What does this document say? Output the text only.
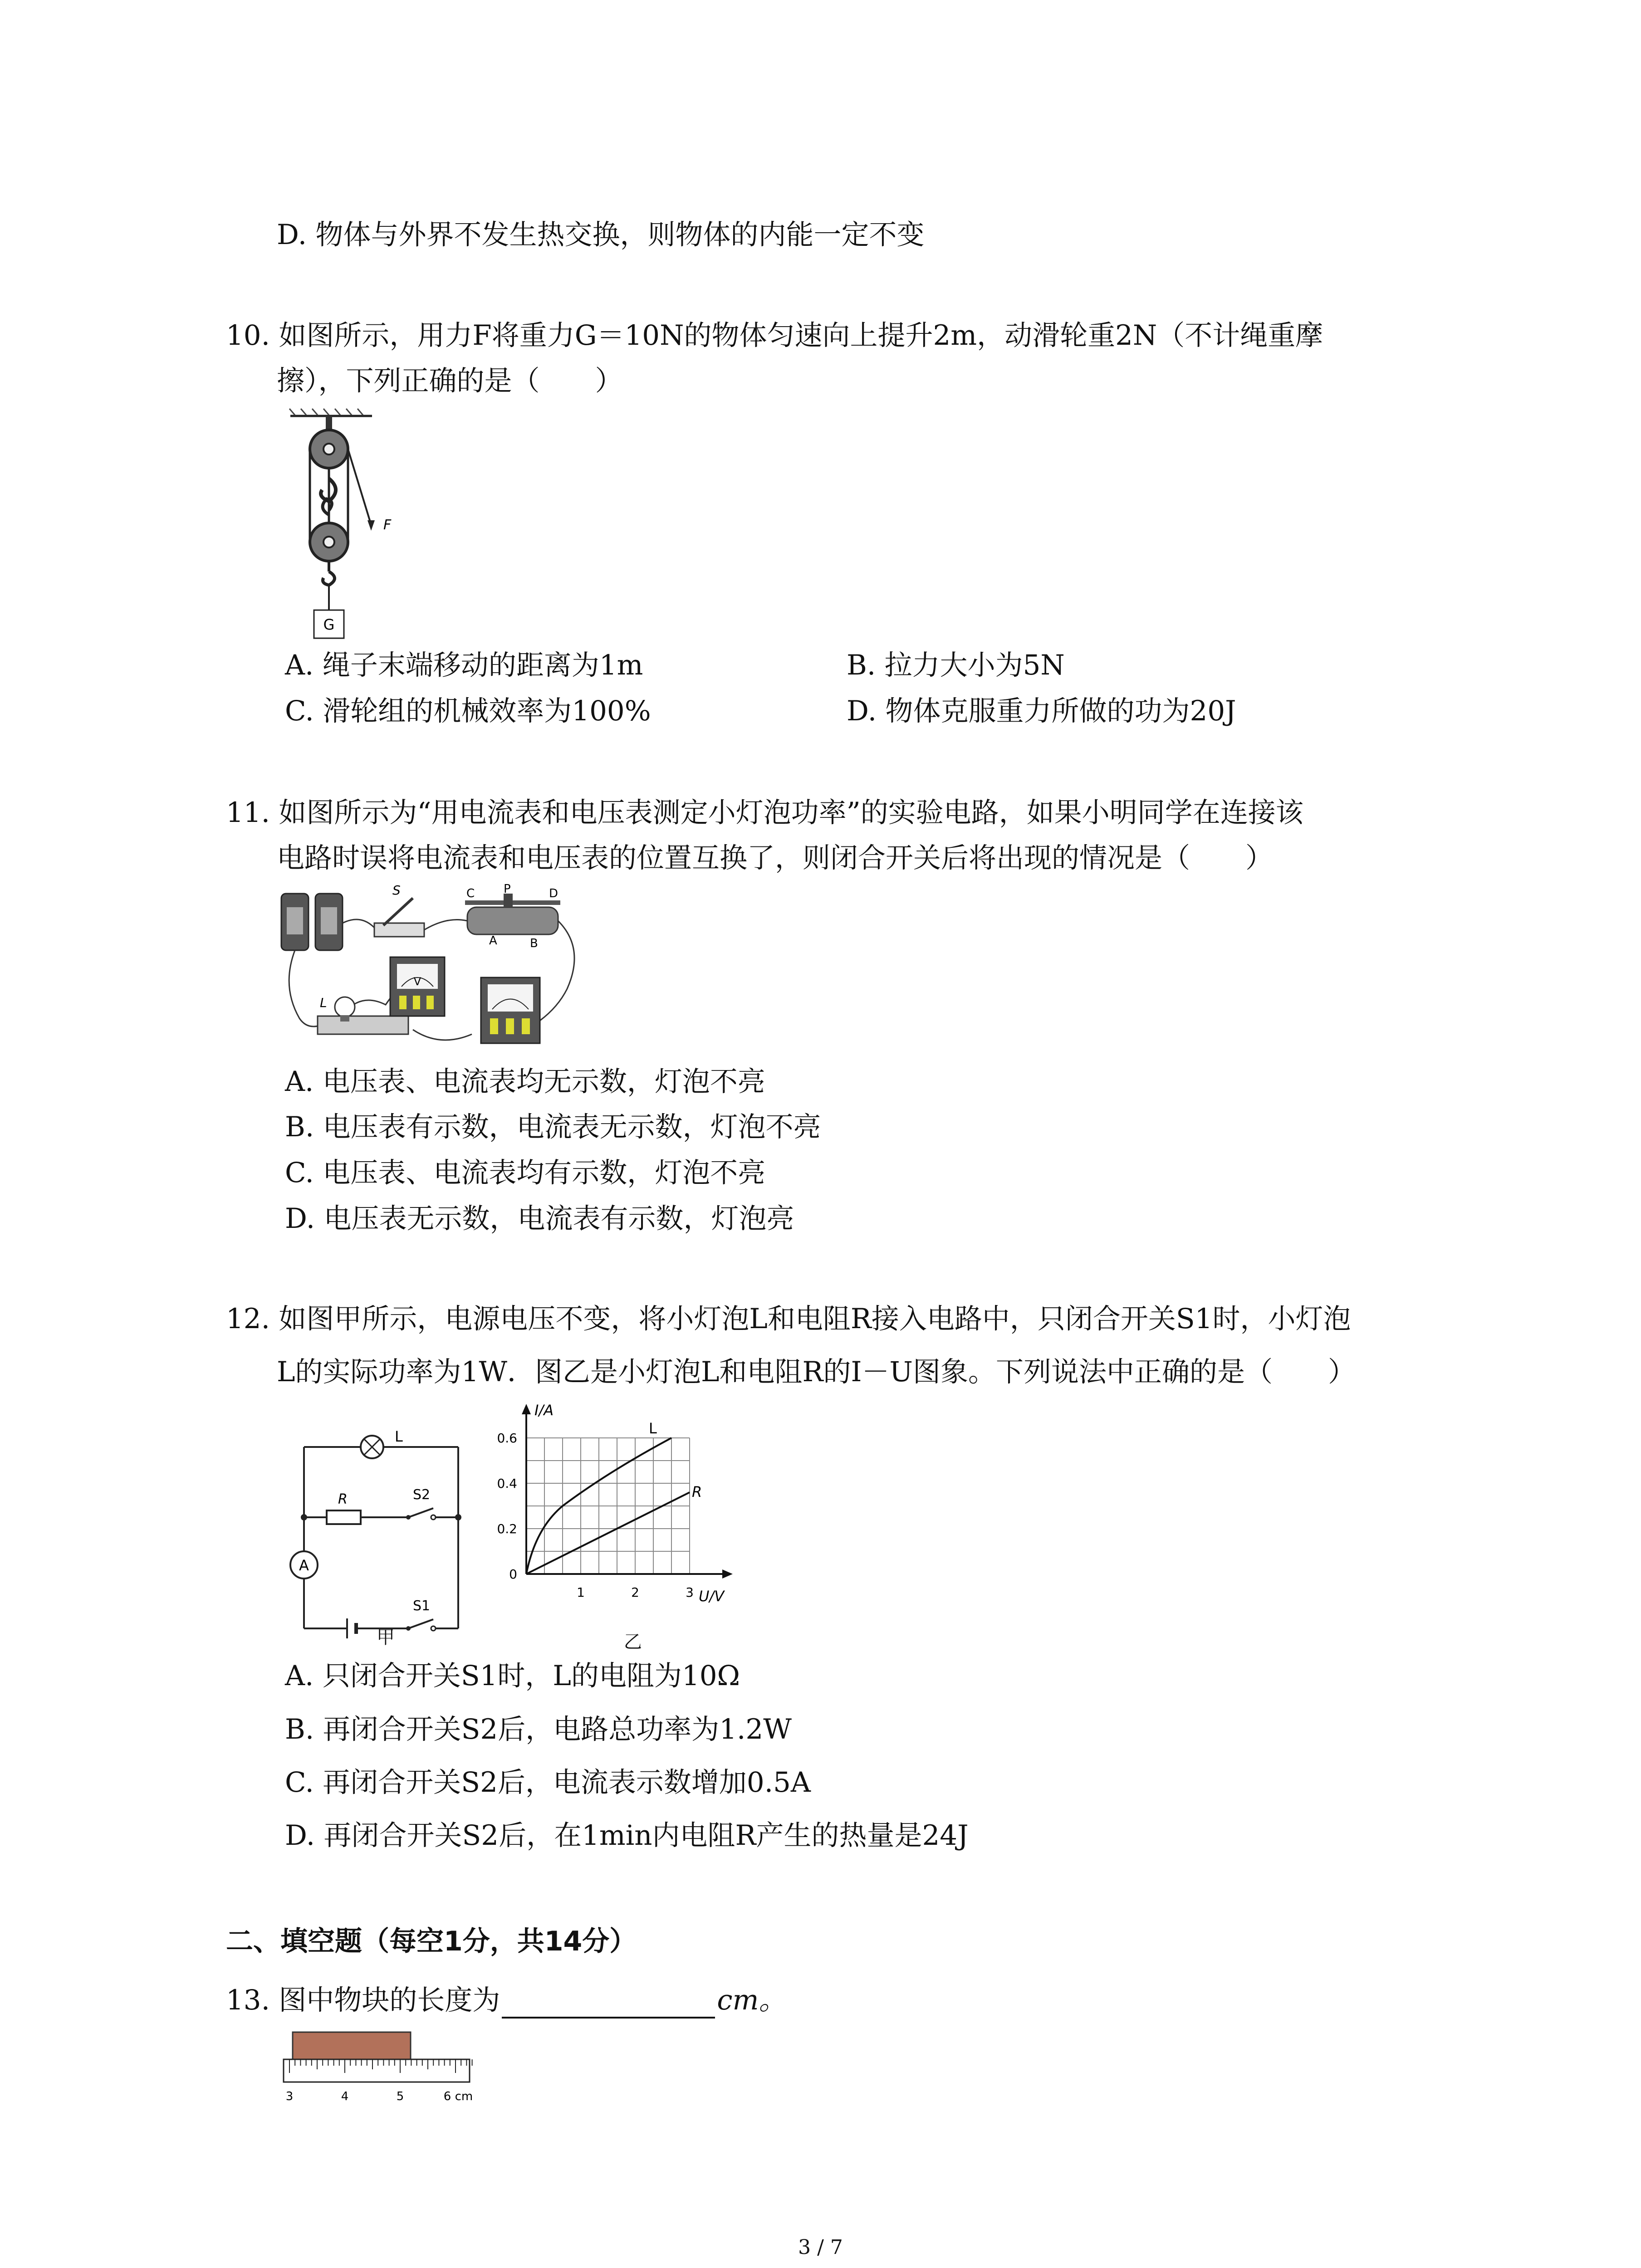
D. 物体与外界不发生热交换，则物体的内能一定不变
10. 如图所示，用力F将重力G＝10N的物体匀速向上提升2m，动滑轮重2N（不计绳重摩
擦），下列正确的是（　　）
F
G
A. 绳子末端移动的距离为1m	B. 拉力大小为5N
C. 滑轮组的机械效率为100%	D. 物体克服重力所做的功为20J
11. 如图所示为“用电流表和电压表测定小灯泡功率”的实验电路，如果小明同学在连接该
电路时误将电流表和电压表的位置互换了，则闭合开关后将出现的情况是（　　）
S	C P	D
A	B
L
V
A. 电压表、电流表均无示数，灯泡不亮
B. 电压表有示数，电流表无示数，灯泡不亮
C. 电压表、电流表均有示数，灯泡不亮
D. 电压表无示数，电流表有示数，灯泡亮
12. 如图甲所示，电源电压不变，将小灯泡L和电阻R接入电路中，只闭合开关S1时，小灯泡
L的实际功率为1W．图乙是小灯泡L和电阻R的I－U图象。下列说法中正确的是（　　）
L
R	S2
A
S1
甲
I/A
U/V
0.6
0.4
0.2
0
1	2	3
L
R
乙
A. 只闭合开关S1时，L的电阻为10Ω
B. 再闭合开关S2后，电路总功率为1.2W
C. 再闭合开关S2后，电流表示数增加0.5A
D. 再闭合开关S2后，在1min内电阻R产生的热量是24J
二、填空题（每空1分，共14分）
13. 图中物块的长度为	cm。
3	4	5	6 cm
3 / 7
